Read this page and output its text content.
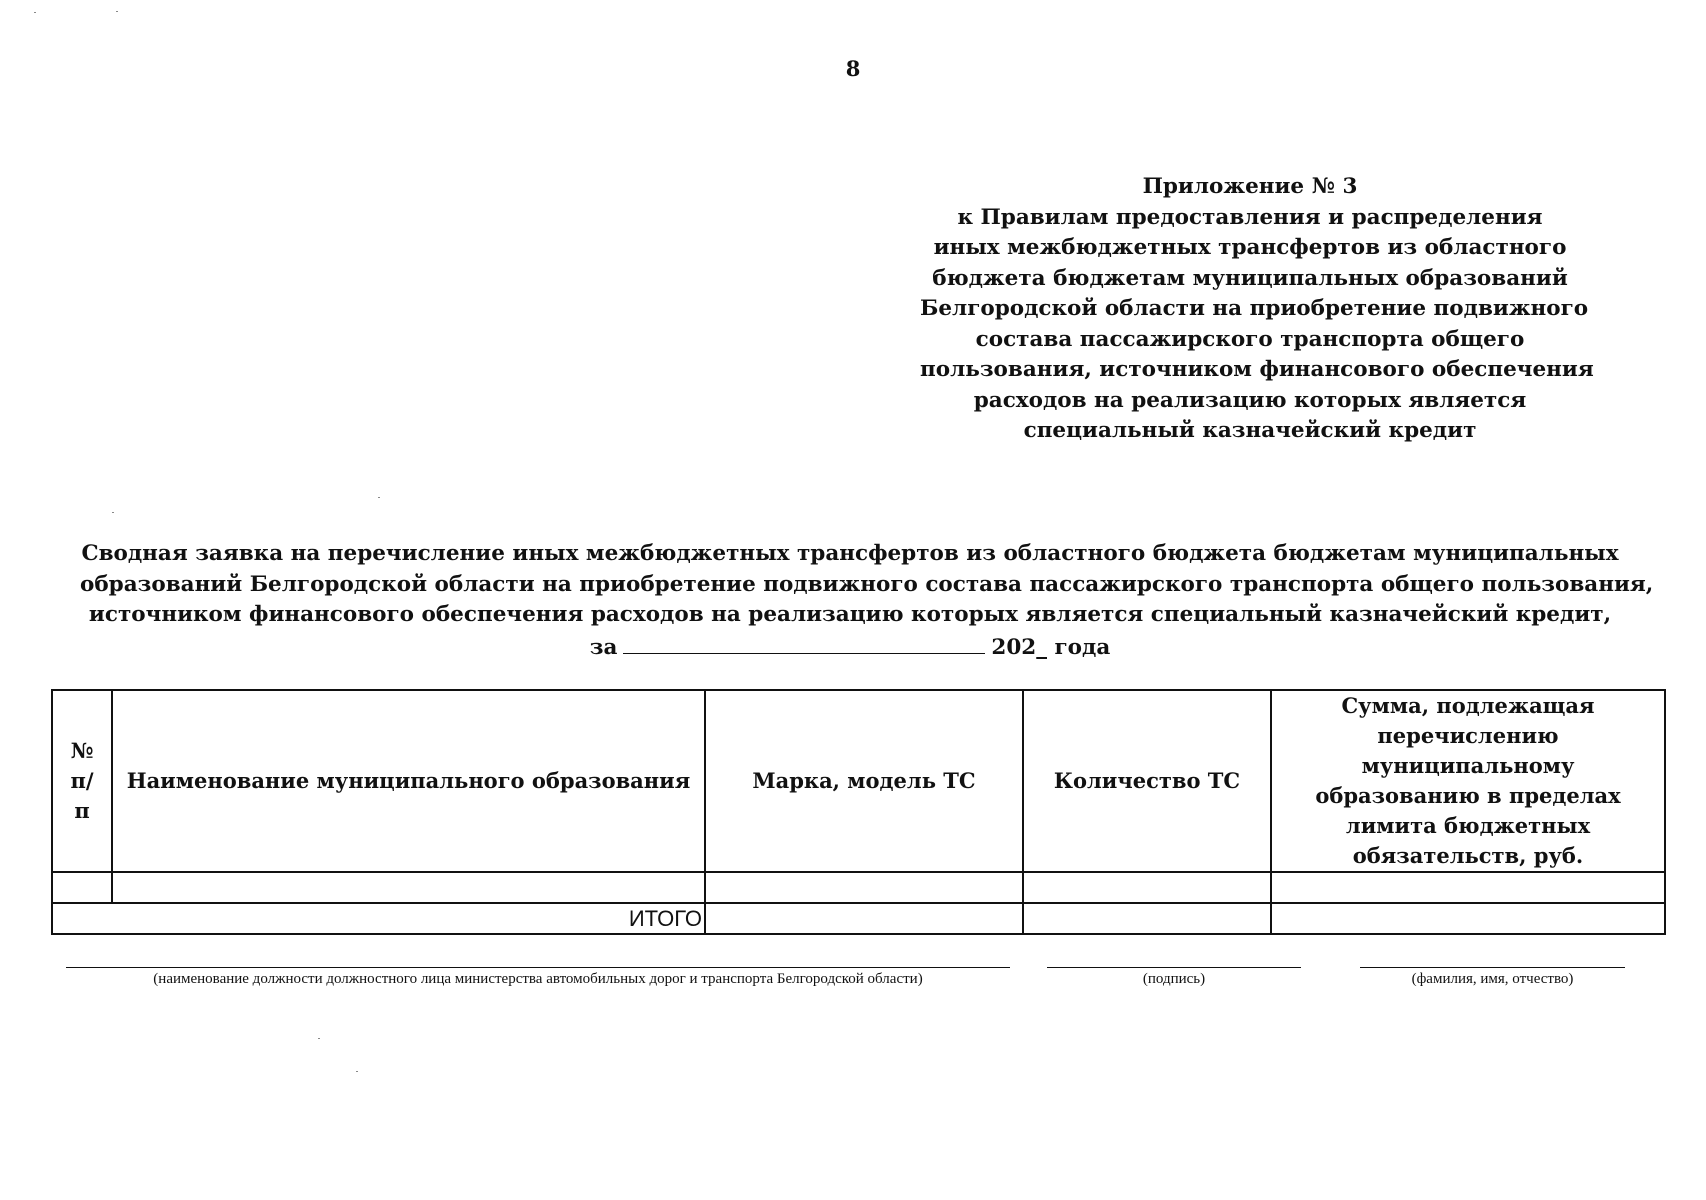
8
Приложение № 3
к Правилам предоставления и распределения
иных межбюджетных трансфертов из областного
бюджета бюджетам муниципальных образований
Белгородской области на приобретение подвижного
состава пассажирского транспорта общего
пользования, источником финансового обеспечения
расходов на реализацию которых является
специальный казначейский кредит
Сводная заявка на перечисление иных межбюджетных трансфертов из областного бюджета бюджетам муниципальных
образований Белгородской области на приобретение подвижного состава пассажирского транспорта общего пользования,
источником финансового обеспечения расходов на реализацию которых является специальный казначейский кредит,
за	202_ года
№ п/п	Наименование муниципального образования	Марка, модель ТС	Количество ТС	Сумма, подлежащая перечислению муниципальному образованию в пределах лимита бюджетных обязательств, руб.

ИТОГО				
(наименование должности должностного лица министерства автомобильных дорог и транспорта Белгородской области)	(подпись)	(фамилия, имя, отчество)
